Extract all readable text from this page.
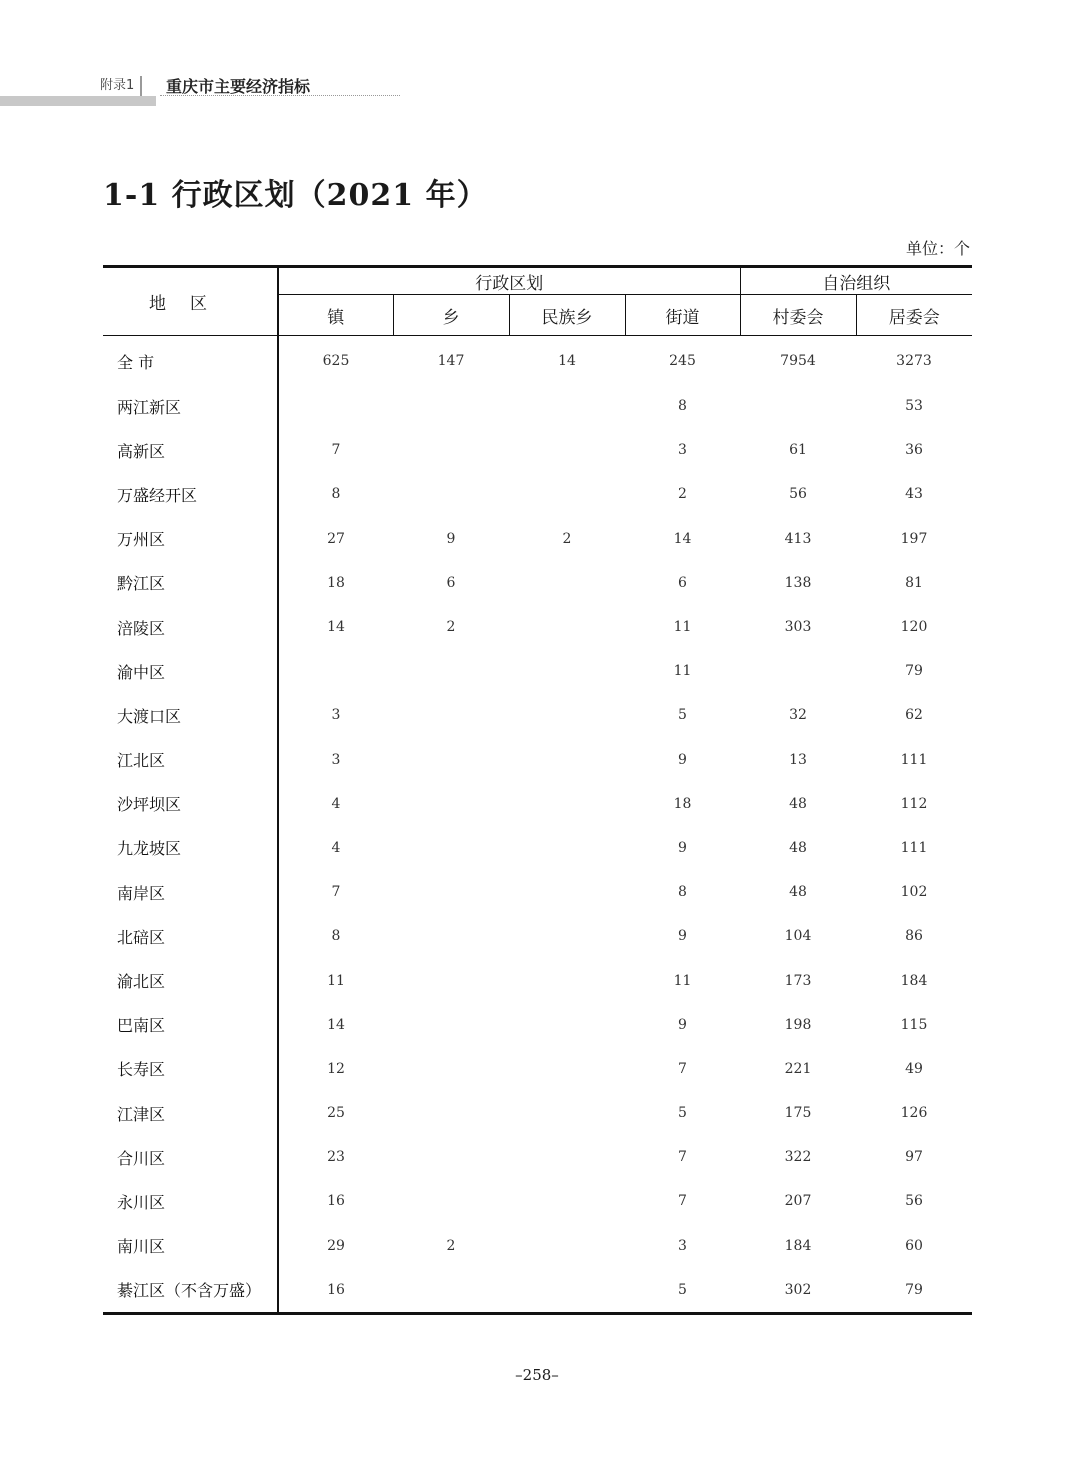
附录1	重庆市主要经济指标
1-1 行政区划（2021 年）
单位：个
地区	行政区划				自治组织	
	镇	乡	民族乡	街道	村委会	居委会
全 市	625	147	14	245	7954	3273
两江新区				8		53
高新区	7			3	61	36
万盛经开区	8			2	56	43
万州区	27	9	2	14	413	197
黔江区	18	6		6	138	81
涪陵区	14	2		11	303	120
渝中区				11		79
大渡口区	3			5	32	62
江北区	3			9	13	111
沙坪坝区	4			18	48	112
九龙坡区	4			9	48	111
南岸区	7			8	48	102
北碚区	8			9	104	86
渝北区	11			11	173	184
巴南区	14			9	198	115
长寿区	12			7	221	49
江津区	25			5	175	126
合川区	23			7	322	97
永川区	16			7	207	56
南川区	29	2		3	184	60
綦江区（不含万盛）	16			5	302	79
–258–
